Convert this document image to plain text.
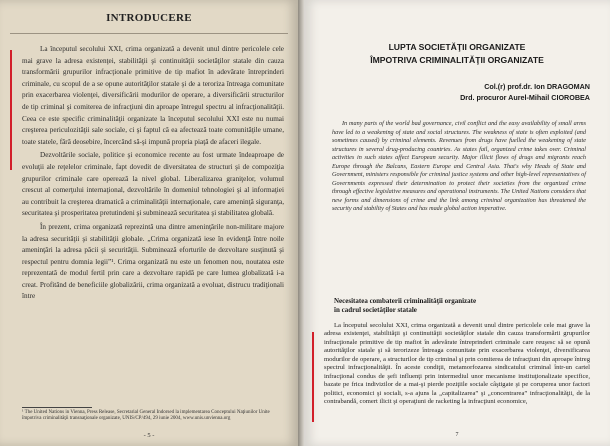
INTRODUCERE

La începutul secolului XXI, crima organizată a devenit unul dintre pericolele cele mai grave la adresa existenţei, stabilităţii şi continuităţii societăţilor statale din cauza transformării grupurilor infracţionale primitive de tip mafiot în adevărate întreprinderi criminale, cu scopul de a se opune autorităţilor statale şi de a teroriza întreaga comunitate prin exacerbarea violenţei, diversificării modurilor de operare, a diversificării structurilor de tip criminal şi comiterea de infracţiuni din aproape întregul spectru al infracţionalităţii. Ceea ce este specific criminalităţii organizate la începutul secolului XXI este nu numai creşterea periculozităţii sale sociale, ci şi faptul că ea afectează toate comunităţile umane, toate statele, fără deosebire, încercând să-şi impună propria piaţă de afaceri ilegale.

Dezvoltările sociale, politice şi economice recente au fost urmate îndeaproape de evoluţii ale reţelelor criminale, fapt dovedit de diversitatea de structuri şi de compoziţia grupurilor criminale care operează la nivel global. Liberalizarea graniţelor, volumul crescut al comerţului internaţional, dezvoltările în domeniul tehnologiei şi al informaţiei au contribuit la creşterea dramatică a criminalităţii internaţionale, care ameninţă siguranţa, securitatea şi prosperitatea pretutindeni şi subminează securitatea şi stabilitatea globală.

În prezent, crima organizată reprezintă una dintre ameninţările non-militare majore la adresa securităţii şi stabilităţii globale. „Crima organizată iese în evidenţă între noile ameninţări la adresa păcii şi securităţii. Subminează eforturile de dezvoltare susţinută şi respectul pentru domnia legii”¹. Crima organizată nu este un fenomen nou, noutatea este reprezentată de modul fertil prin care a dezvoltare rapidă pe care lumea globalizată i-a creat. Profitând de beneficiile globalizării, crima organizată a evoluat, distrucu tradiţionali între

¹ The United Nations in Vienna, Press Release, Secretarial General Indorsed la implementarea Conceptului Naţiunilor Unite împotriva criminalităţii transnaţionale organizate, UNIS/CP/494, 29 iunie 2004, www.unis.unvienna.org
- 5 -
LUPTA SOCIETĂŢII ORGANIZATE
ÎMPOTRIVA CRIMINALITĂŢII ORGANIZATE
Col.(r) prof.dr. Ion DRAGOMAN
Drd. procuror Aurel-Mihail CIOROBEA
In many parts of the world bad governance, civil conflict and the easy availability of small arms have led to a weakening of state and social structures. The weakness of state is often exploited (and sometimes caused) by criminal elements. Revenues from drugs have fuelled the weakening of state structures in several drug-producing countries. As states fail, organized crime takes over. Criminal activities in such states affect European security. Major illicit flows of drugs and migrants reach Europe through the Balcans, Eastern Europe and Central Asia. That's why Heads of State and Government, ministers responsible for criminal justice systems and other high-level representatives of Governments expressed their determination to protect their societies from the organized crime through effective legislative measures and operational instruments. The United Nations considers that new forms and dimensions of crime and the link among criminal organization has threatened the security and stability of States and has made global action imperative.
Necesitatea combaterii criminalităţii organizate
în cadrul societăţilor statale
La începutul secolului XXI, crima organizată a devenit unul dintre pericolele cele mai grave la adresa existenţei, stabilităţii şi continuităţii societăţilor statale din cauza transformării grupurilor infracţionale primitive de tip mafiot în adevărate întreprinderi criminale care reuşesc să se opună autorităţilor statale şi să terorizeze întreaga comunitate prin exacerbarea violenţei, diversificarea modurilor de operare, a structurilor de tip criminal şi prin comiterea de infracţiuni din aproape întreg spectrul infracţionalităţii. În aceste condiţii, metamorfozarea sindicatului criminal într-un cartel infracţional condus de şefi influenţi prin intermediul unor mecanisme instituţionalizate specifice, bazate pe frica indivizilor de a mai-şi pierde poziţiile sociale câştigate şi pe coruperea unor factori politici, economici şi sociali, s-a ajuns la „capitalizarea” şi „concentrarea” infracţionalităţii, de la contrabandă, comert ilicit şi operaţiuni de racketing la infracţiuni economice,
7
